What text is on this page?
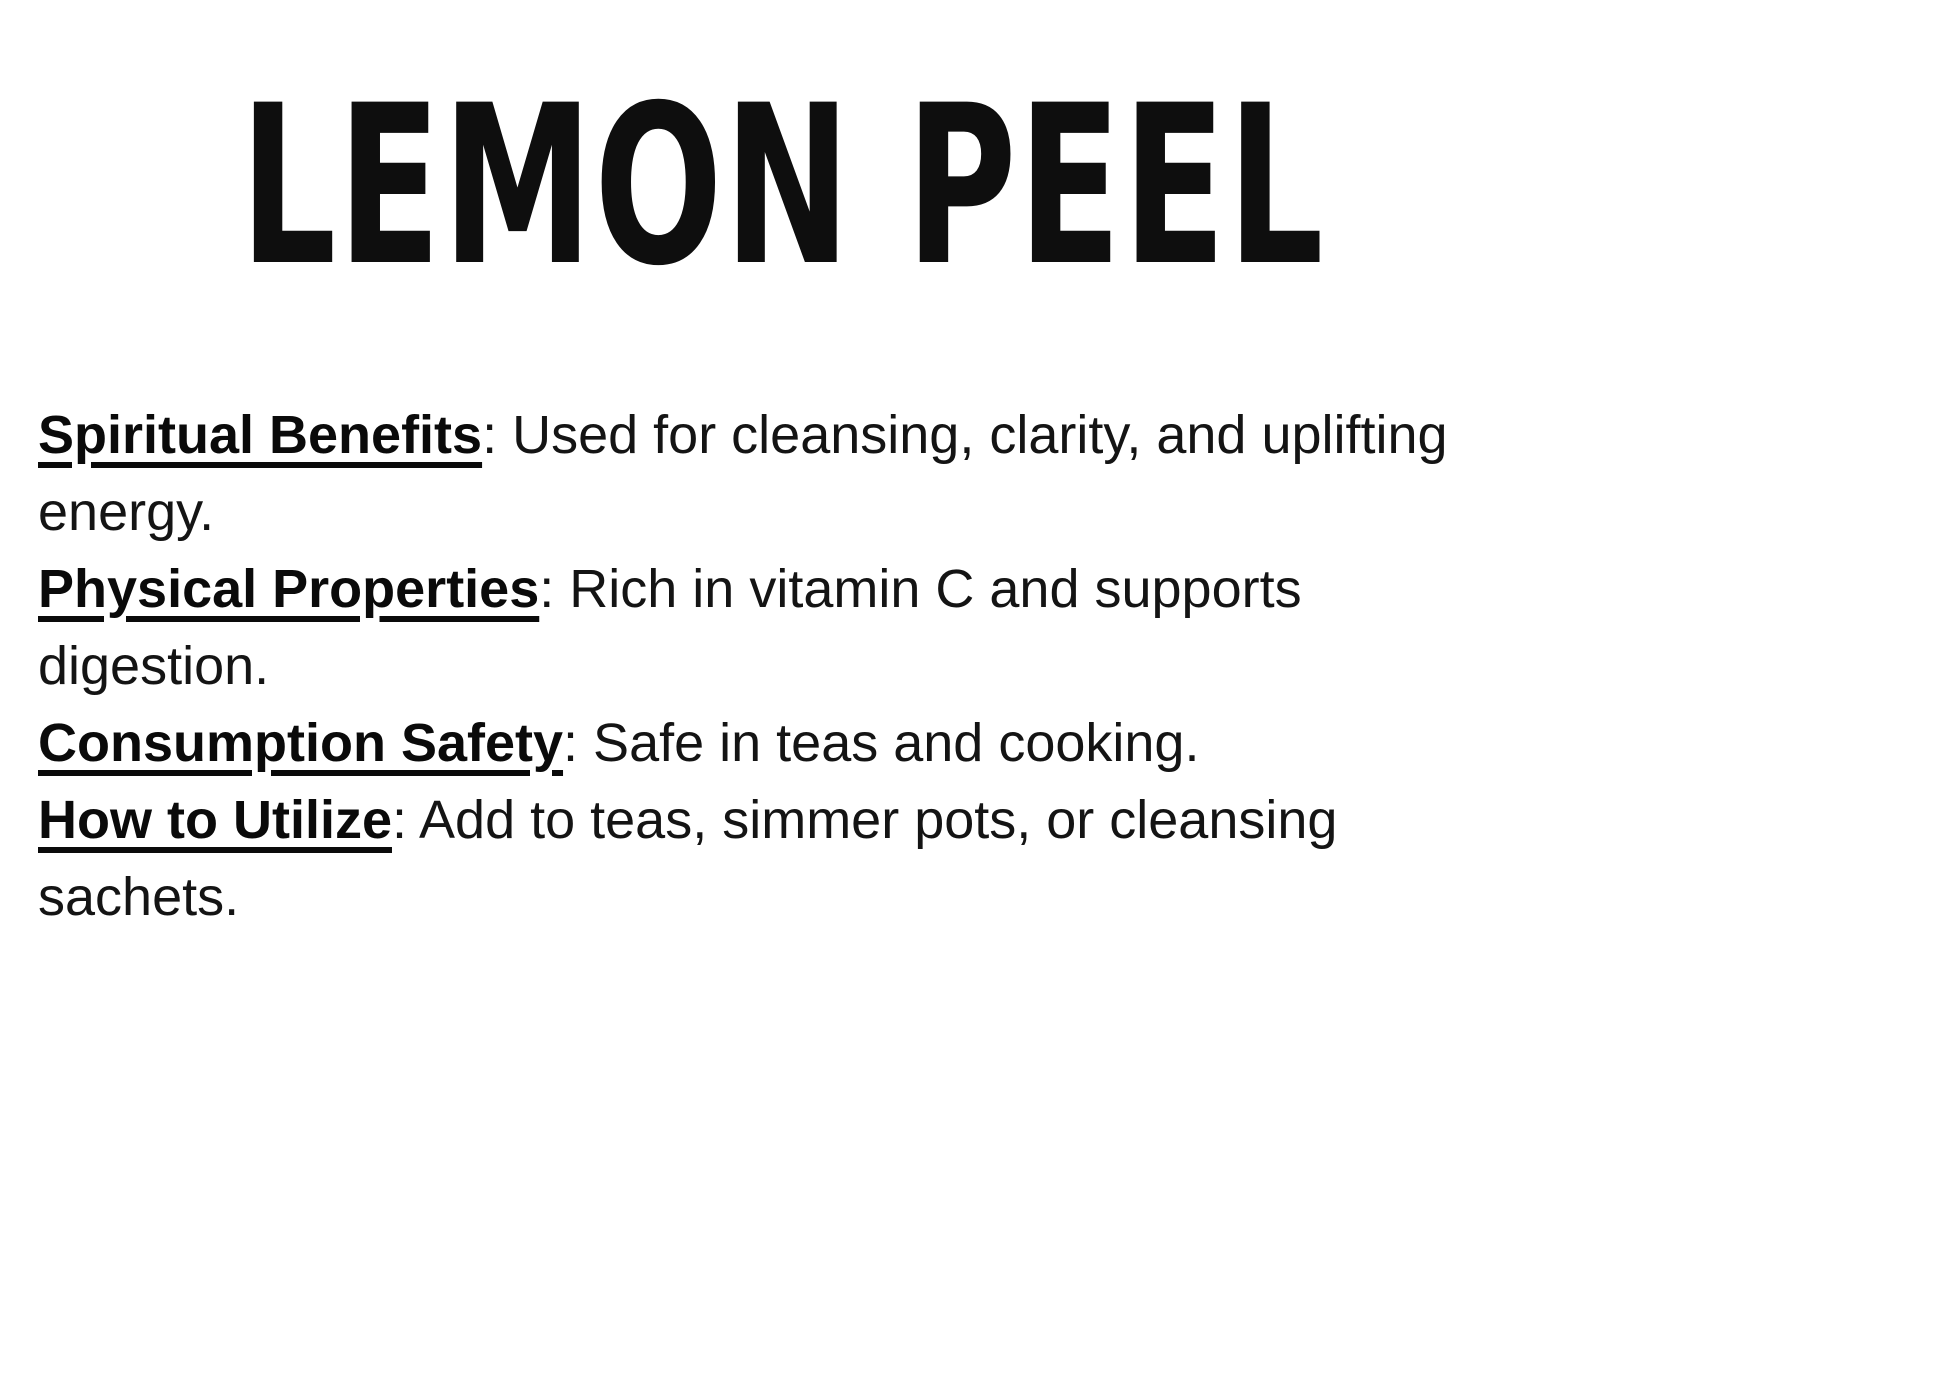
LEMON PEEL

Spiritual Benefits: Used for cleansing, clarity, and uplifting energy.

Physical Properties: Rich in vitamin C and supports digestion.

Consumption Safety: Safe in teas and cooking.

How to Utilize: Add to teas, simmer pots, or cleansing sachets.
